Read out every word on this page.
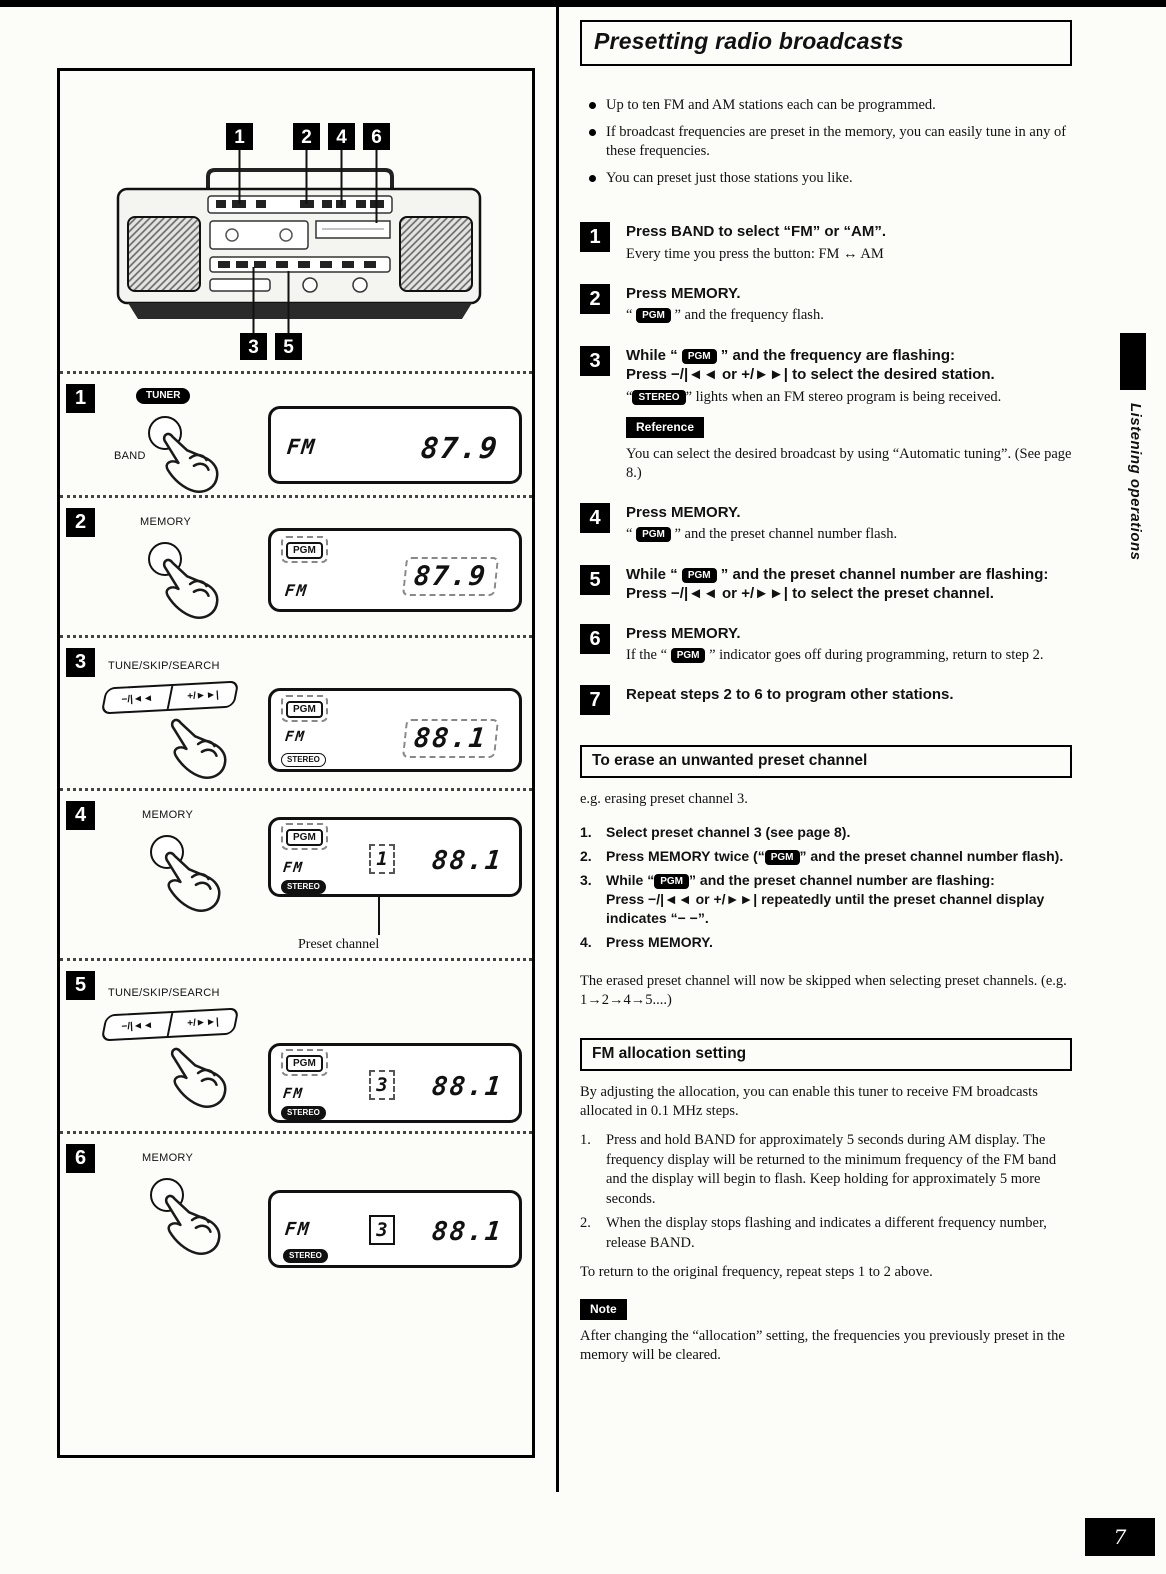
1	2 4 6
3 5
1	TUNER
BAND	FM	87.9
2	MEMORY
PGM
FM	87.9
3	TUNE/SKIP/SEARCH
−/|◄◄	+/►►|
PGM
FM
STEREO
88.1
4	MEMORY
PGM
FM
STEREO
1 88.1
Preset channel
5	TUNE/SKIP/SEARCH
−/|◄◄	+/►►|
PGM
FM
STEREO
3 88.1
6	MEMORY
FM	3 88.1
STEREO
Presetting radio broadcasts
Up to ten FM and AM stations each can be programmed.
If broadcast frequencies are preset in the memory, you can easily tune in any of these frequencies.
You can preset just those stations you like.
1	Press BAND to select “FM” or “AM”.
Every time you press the button: FM ↔ AM
2	Press MEMORY.
“ PGM ” and the frequency flash.
3	While “ PGM ” and the frequency are flashing:
Press −/|◄◄ or +/►►| to select the desired station.
“ STEREO ” lights when an FM stereo program is being received.
Reference
You can select the desired broadcast by using “Automatic tuning”. (See page 8.)
4	Press MEMORY.
“ PGM ” and the preset channel number flash.
5	While “ PGM ” and the preset channel number are flashing:
Press −/|◄◄ or +/►►| to select the preset channel.
6	Press MEMORY.
If the “ PGM ” indicator goes off during programming, return to step 2.
7	Repeat steps 2 to 6 to program other stations.
To erase an unwanted preset channel
e.g. erasing preset channel 3.
1.	Select preset channel 3 (see page 8).
2.	Press MEMORY twice (“ PGM ” and the preset channel number flash).
3.	While “ PGM ” and the preset channel number are flashing:
Press −/|◄◄ or +/►►| repeatedly until the preset channel display indicates “− −”.
4.	Press MEMORY.

The erased preset channel will now be skipped when selecting preset channels. (e.g. 1→2→4→5....)

FM allocation setting

By adjusting the allocation, you can enable this tuner to receive FM broadcasts allocated in 0.1 MHz steps.

1.	Press and hold BAND for approximately 5 seconds during AM display. The frequency display will be returned to the minimum frequency of the FM band and the display will begin to flash. Keep holding for approximately 5 more seconds.
2.	When the display stops flashing and indicates a different frequency number, release BAND.

To return to the original frequency, repeat steps 1 to 2 above.

Note

After changing the “allocation” setting, the frequencies you previously preset in the memory will be cleared.

Listening operations
7
